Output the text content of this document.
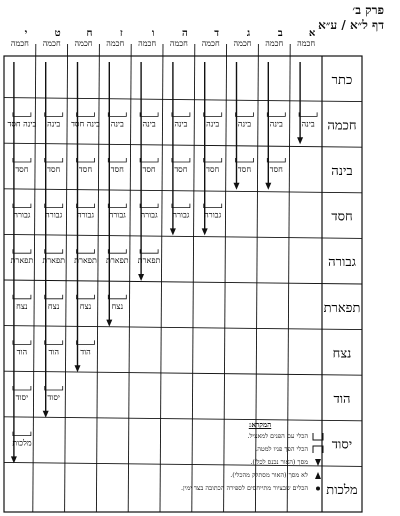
פרק ב׳
דף ל״א / ע״א
כתר
חכמה
בינה
חסד
גבורה
תפארת
נצח
הוד
יסוד
מלכות
א
חכמה
ב
חכמה
ג
חכמה
ד
חכמה
ה
חכמה
ו
חכמה
ז
חכמה
ח
חכמה
ט
חכמה
י
חכמה
בינה
בינה
בינה
בינה
בינה
בינה
בינה
בינה חסד
בינה
בינה חסד
חסד
חסד
חסד
חסד
חסד
חסד
חסד
חסד
חסד
גבורה
גבורה
גבורה
גבורה
גבורה
גבורה
גבורה
תפארת
תפארת
תפארת
תפארת
תפארת
נצח
נצח
נצח
נצח
הוד
הוד
הוד
יסוד
יסוד
מלכות
המקרא:
הכלי עם הפנים למאציל.
הכלי הפך פניו למטה.
מסך (האור נכנס לכלי).
לא מסך (האור מסתלק מהכלי).
הכלים שבציור מתייחסים לספירה הכתובה בצד ימין.
